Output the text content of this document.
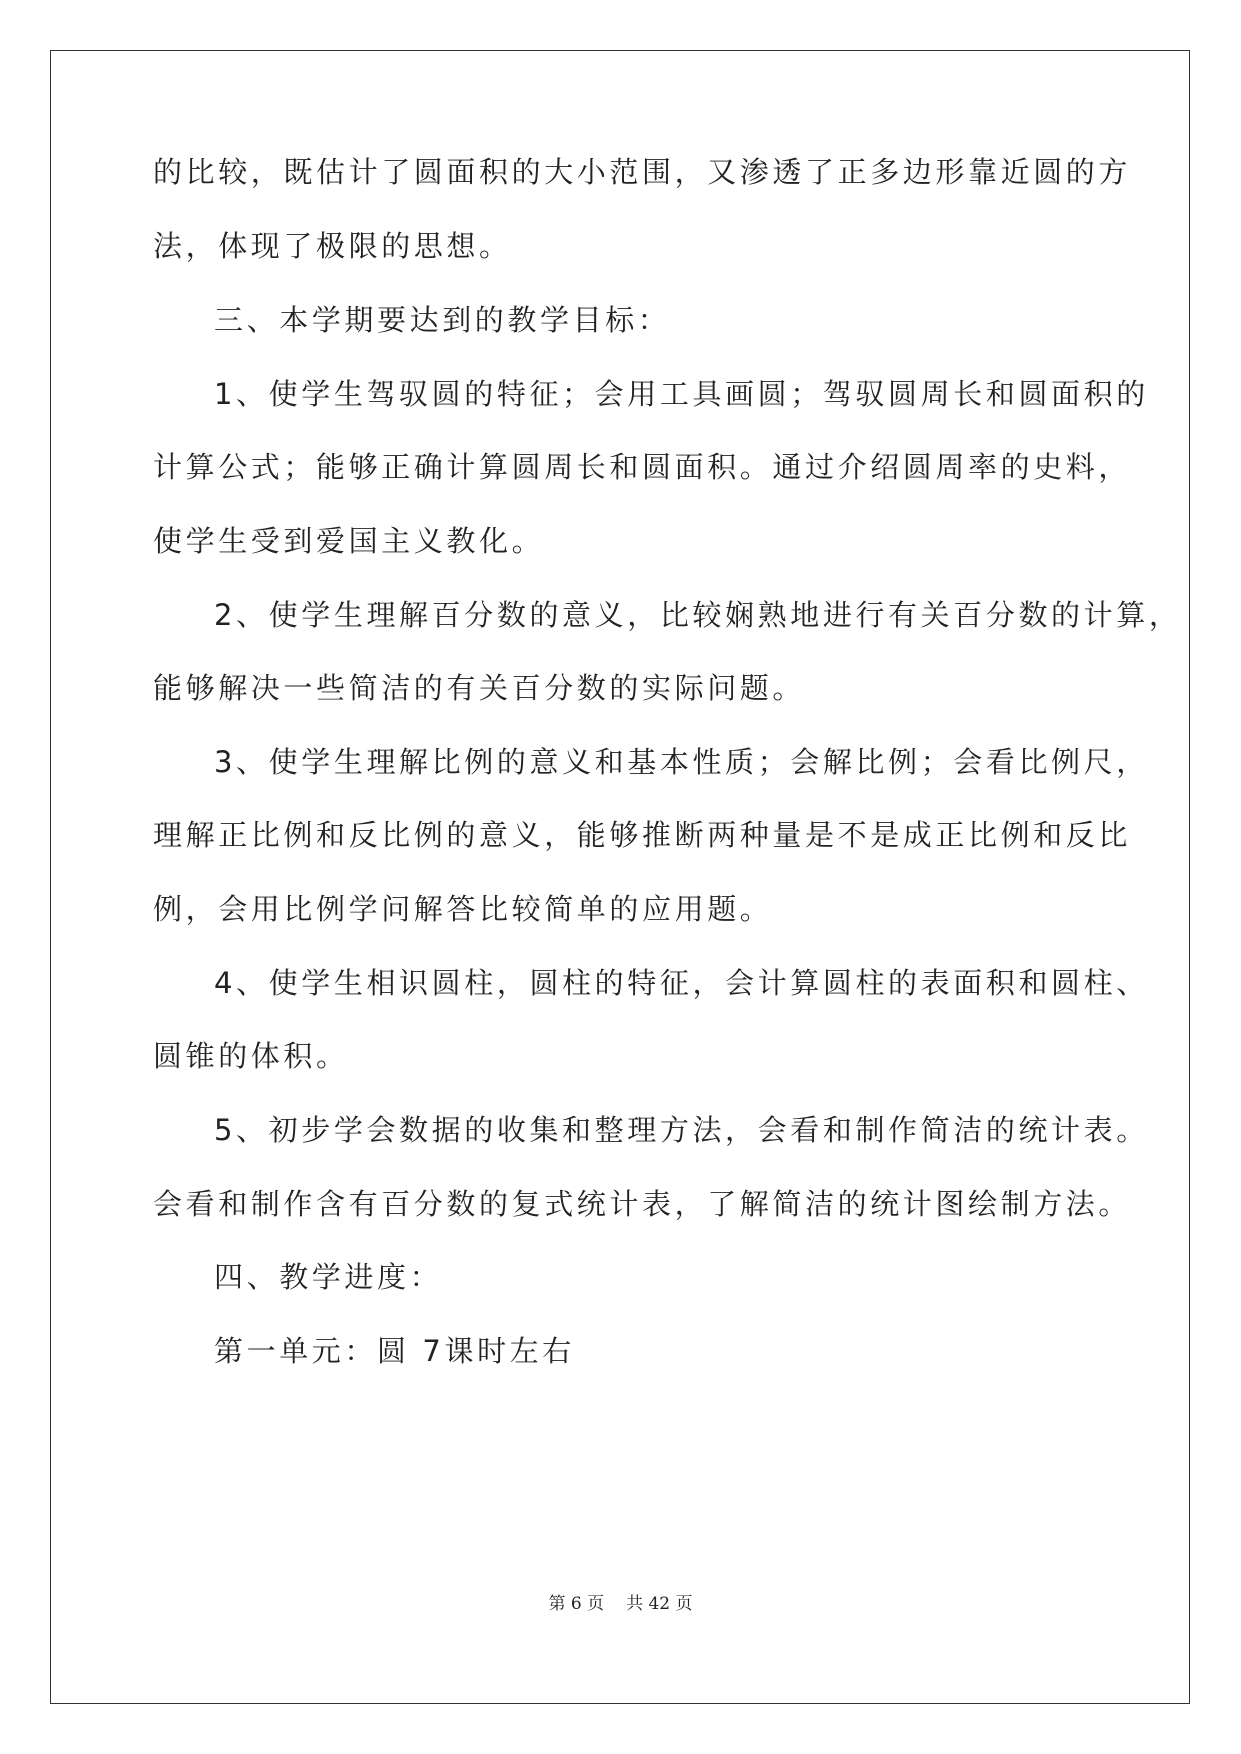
的比较，既估计了圆面积的大小范围，又渗透了正多边形靠近圆的方
法，体现了极限的思想。
三、本学期要达到的教学目标：
1、使学生驾驭圆的特征；会用工具画圆；驾驭圆周长和圆面积的
计算公式；能够正确计算圆周长和圆面积。通过介绍圆周率的史料，
使学生受到爱国主义教化。
2、使学生理解百分数的意义，比较娴熟地进行有关百分数的计算，
能够解决一些简洁的有关百分数的实际问题。
3、使学生理解比例的意义和基本性质；会解比例；会看比例尺，
理解正比例和反比例的意义，能够推断两种量是不是成正比例和反比
例，会用比例学问解答比较简单的应用题。
4、使学生相识圆柱，圆柱的特征，会计算圆柱的表面积和圆柱、
圆锥的体积。
5、初步学会数据的收集和整理方法，会看和制作简洁的统计表。
会看和制作含有百分数的复式统计表，了解简洁的统计图绘制方法。
四、教学进度：
第一单元：圆 7课时左右
第 6 页 共 42 页
